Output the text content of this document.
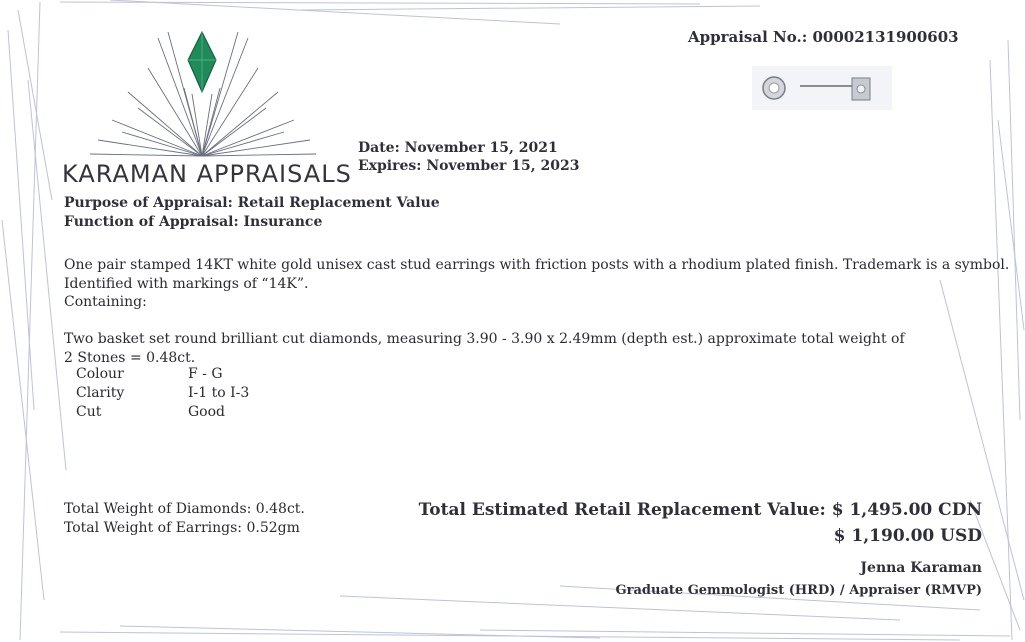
Appraisal No.: 00002131900603
KARAMAN APPRAISALS
Date: November 15, 2021
Expires: November 15, 2023
Purpose of Appraisal: Retail Replacement Value
Function of Appraisal: Insurance
One pair stamped 14KT white gold unisex cast stud earrings with friction posts with a rhodium plated finish. Trademark is a symbol.
Identified with markings of “14K”.
Containing:
Two basket set round brilliant cut diamonds, measuring 3.90 - 3.90 x 2.49mm (depth est.) approximate total weight of
2 Stones = 0.48ct.
Colour	F - G
Clarity	I-1 to I-3
Cut	Good
Total Weight of Diamonds: 0.48ct.
Total Weight of Earrings: 0.52gm
Total Estimated Retail Replacement Value: $ 1,495.00 CDN
$ 1,190.00 USD
Jenna Karaman
Graduate Gemmologist (HRD) / Appraiser (RMVP)
